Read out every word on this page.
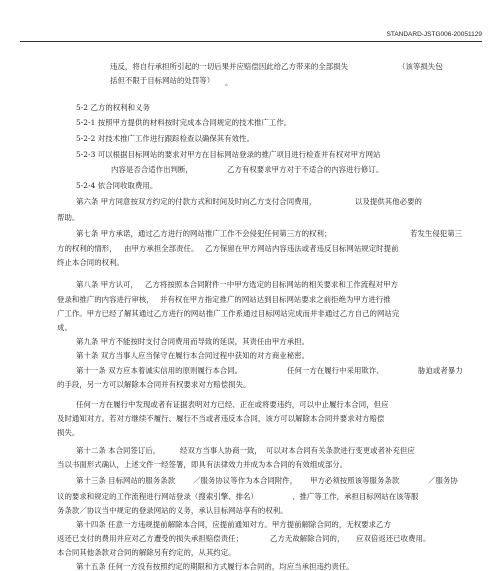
STANDARD-JSTG006-20051129
违反，将自行承担所引起的一切后果并应赔偿因此给乙方带来的全部损失	（该等损失包
括但不限于目标网站的处罚等） 。
5-2 乙方的权利和义务
5-2-1 按照甲方提供的材料按时完成本合同规定的技术推广工作。
5-2-2 对技术推广工作进行跟踪检查以确保其有效性。
5-2-3 可以根据目标网站的要求对甲方在目标网站登录的推广项目进行检查并有权对甲方网站
内容是否合适作出判断，	乙方有权要求甲方对于不适合的内容进行修订。
5-2-4 依合同收取费用。
第六条 甲方同意按双方约定的付款方式和时间及时向乙方支付合同费用，	以及提供其他必要的
帮助。
第七条 甲方承诺，通过乙方进行的网站推广工作不会侵犯任何第三方的权利；	若发生侵犯第三
方的权利的情形， 由甲方承担全部责任。 乙方保留在甲方网站内容违法或者违反目标网站规定时提前
终止本合同的权利。
第八条 甲方认可， 乙方将按照本合同附件一中甲方选定的目标网站的相关要求和工作流程对甲方
登录和推广的内容进行审核， 并有权在甲方指定推广的网站达到目标网站要求之前拒绝为甲方进行推
广工作。甲方已经了解其通过乙方进行的网站推广工作系通过目标网站完成而并非通过乙方自己的网站完
成。
第九条 甲方不能按时支付合同费用而导致的延误，其责任由甲方承担。
第十条 双方当事人应当保守在履行本合同过程中获知的对方商业秘密。
第十一条 双方应本着诚实信用的原则履行本合同。	任何一方在履行中采用欺诈、	胁迫或者暴力
的手段，另一方可以解除本合同并有权要求对方赔偿损失。
任何一方在履行中发现或者有证据表明对方已经、正在或将要违约，可以中止履行本合同，但应
及时通知对方。若对方继续不履行、履行不当或者违反本合同，该方可以解除本合同并要求对方赔偿
损失。
第十二条 本合同签订后，	经双方当事人协商一致， 可以对本合同有关条款进行变更或者补充但应
当以书面形式确认，上述文件一经签署，即具有法律效力并成为本合同的有效组成部分。
第十三条 目标网站的服务条款 ／服务协议等作为本合同附件， 甲方必须按照该等服务条款	／服务协
议的要求和规定的工作流程进行网站登录（搜索引擎、排名）	、推广等工作，承担目标网站在该等服
务条款／协议当中规定的登录网站的义务，承认目标网站享有的权利。
第十四条 任意一方违规提前解除本合同，应提前通知对方。甲方提前解除合同的，无权要求乙方
返还已支付的费用并应对乙方遭受的损失承担赔偿责任；	乙方无故解除合同的， 应双倍返还已收费用。
本合同其他条款对合同的解除另有约定的，从其约定。
第十五条 任何一方没有按照约定的期限和方式履行本合同的，均应当承担违约责任。
